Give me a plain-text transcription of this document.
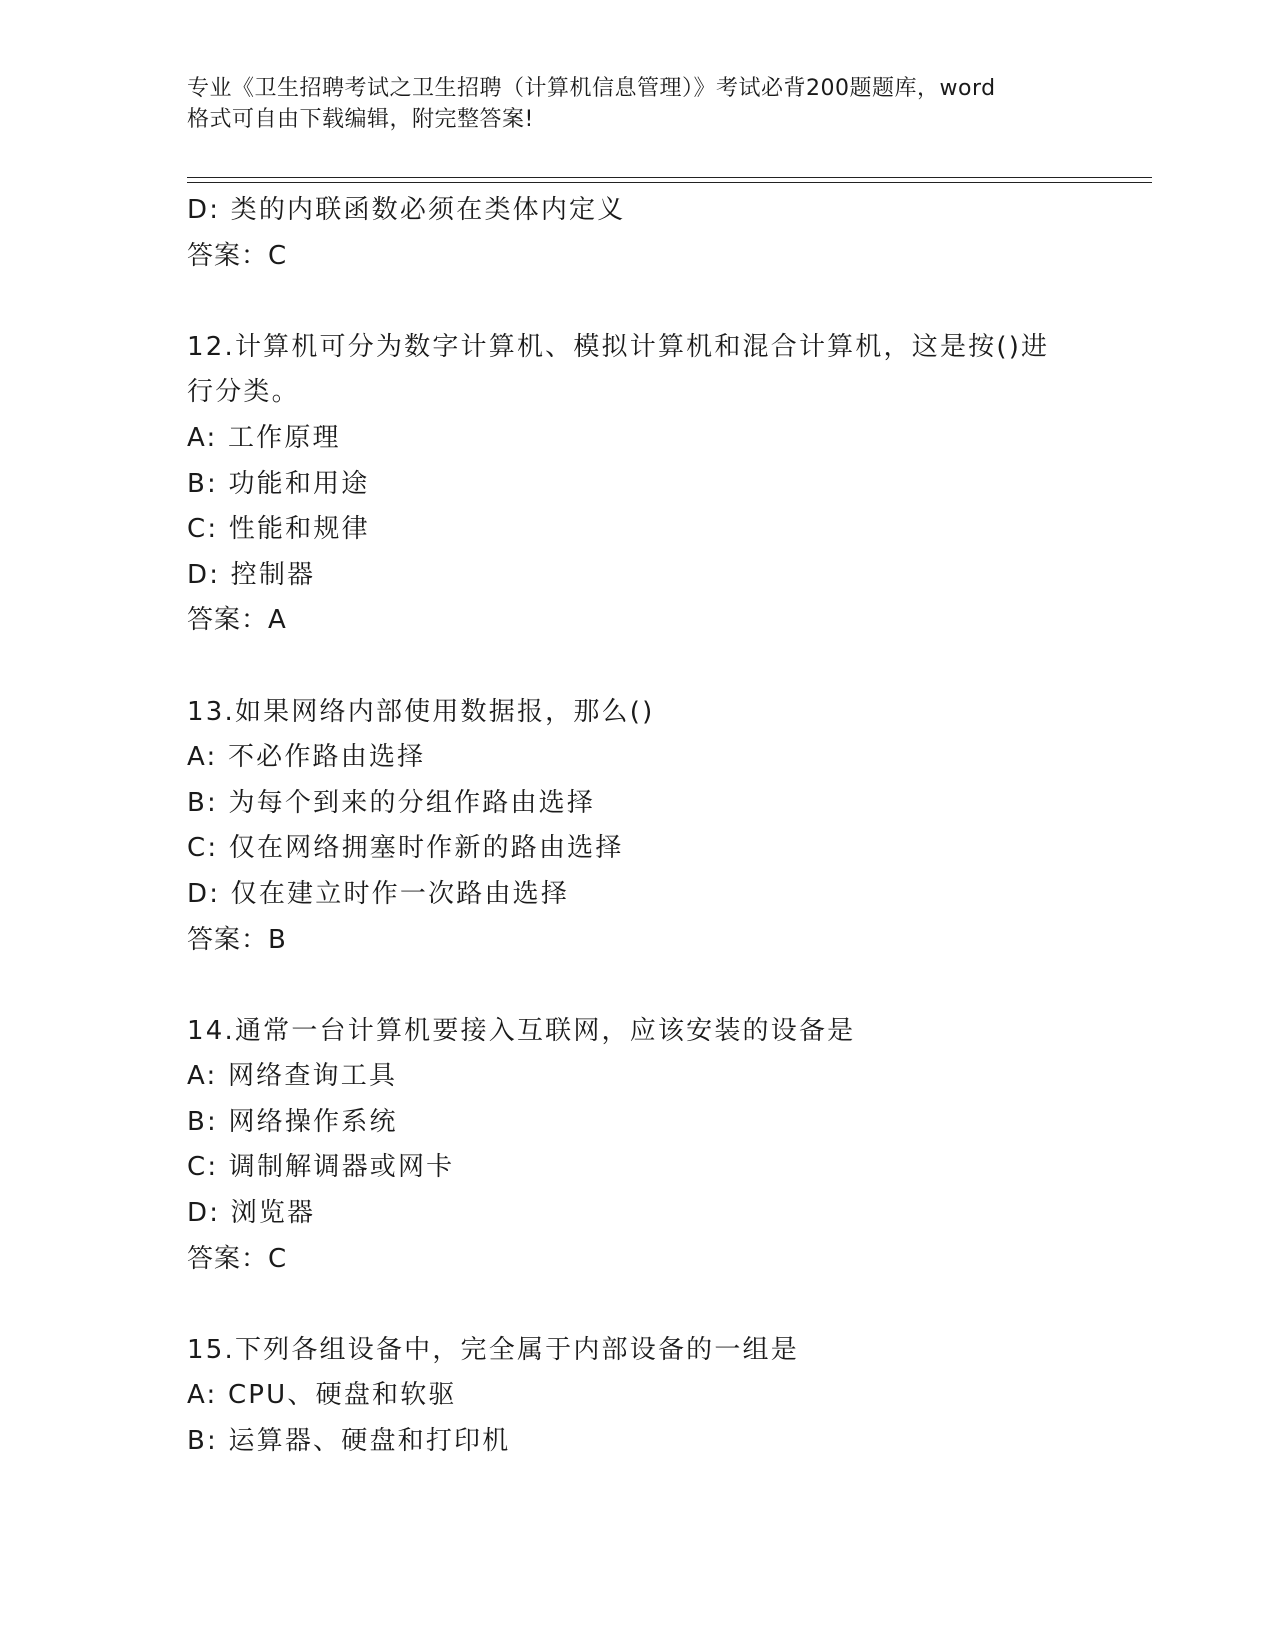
专业《卫生招聘考试之卫生招聘（计算机信息管理）》考试必背200题题库，word
格式可自由下载编辑，附完整答案!
D: 类的内联函数必须在类体内定义
答案：C
12.计算机可分为数字计算机、模拟计算机和混合计算机，这是按()进
行分类。
A: 工作原理
B: 功能和用途
C: 性能和规律
D: 控制器
答案：A
13.如果网络内部使用数据报，那么()
A: 不必作路由选择
B: 为每个到来的分组作路由选择
C: 仅在网络拥塞时作新的路由选择
D: 仅在建立时作一次路由选择
答案：B
14.通常一台计算机要接入互联网，应该安装的设备是
A: 网络查询工具
B: 网络操作系统
C: 调制解调器或网卡
D: 浏览器
答案：C
15.下列各组设备中，完全属于内部设备的一组是
A: CPU、硬盘和软驱
B: 运算器、硬盘和打印机
